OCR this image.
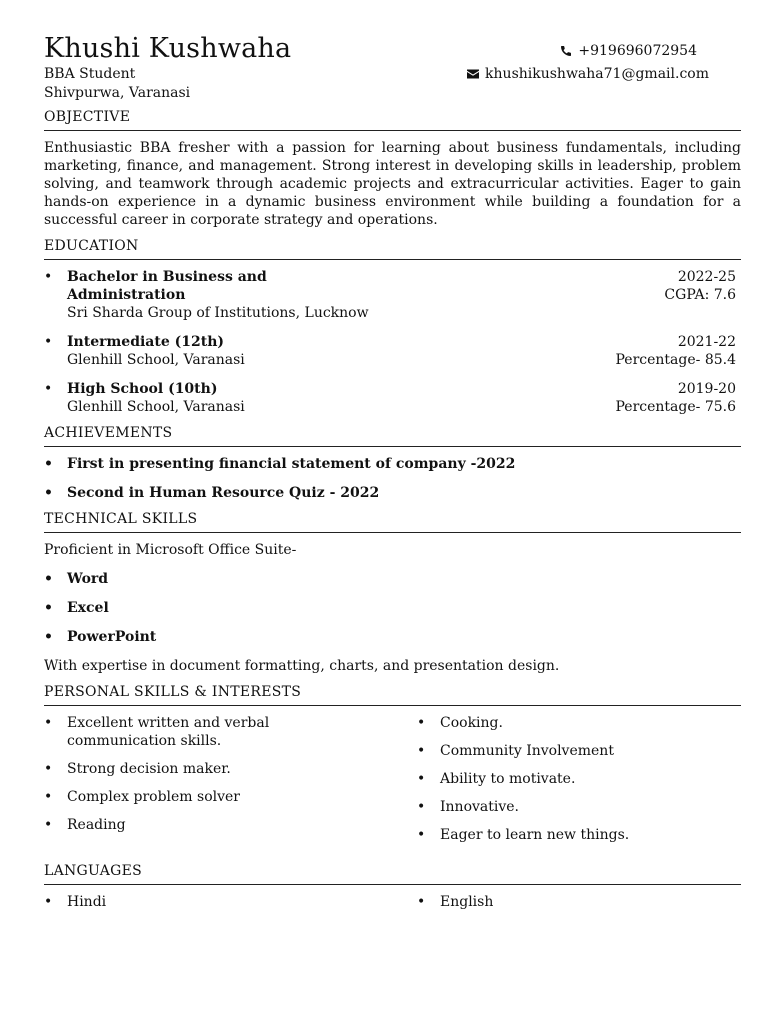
Khushi Kushwaha
BBA Student
Shivpurwa, Varanasi
+919696072954
khushikushwaha71@gmail.com
OBJECTIVE

Enthusiastic BBA fresher with a passion for learning about business fundamentals, including marketing, finance, and management. Strong interest in developing skills in leadership, problem solving, and teamwork through academic projects and extracurricular activities. Eager to gain hands-on experience in a dynamic business environment while building a foundation for a successful career in corporate strategy and operations.

EDUCATION
• Bachelor in Business and Administration
Sri Sharda Group of Institutions, Lucknow
2022-25
CGPA: 7.6
• Intermediate (12th)
Glenhill School, Varanasi
2021-22
Percentage- 85.4
• High School (10th)
Glenhill School, Varanasi
2019-20
Percentage- 75.6
ACHIEVEMENTS
• First in presenting financial statement of company -2022
• Second in Human Resource Quiz - 2022
TECHNICAL SKILLS

Proficient in Microsoft Office Suite-

• Word
• Excel
• PowerPoint

With expertise in document formatting, charts, and presentation design.

PERSONAL SKILLS & INTERESTS
• Excellent written and verbal communication skills.
• Strong decision maker.
• Complex problem solver
• Reading
• Cooking.
• Community Involvement
• Ability to motivate.
• Innovative.
• Eager to learn new things.
LANGUAGES
• Hindi	• English
